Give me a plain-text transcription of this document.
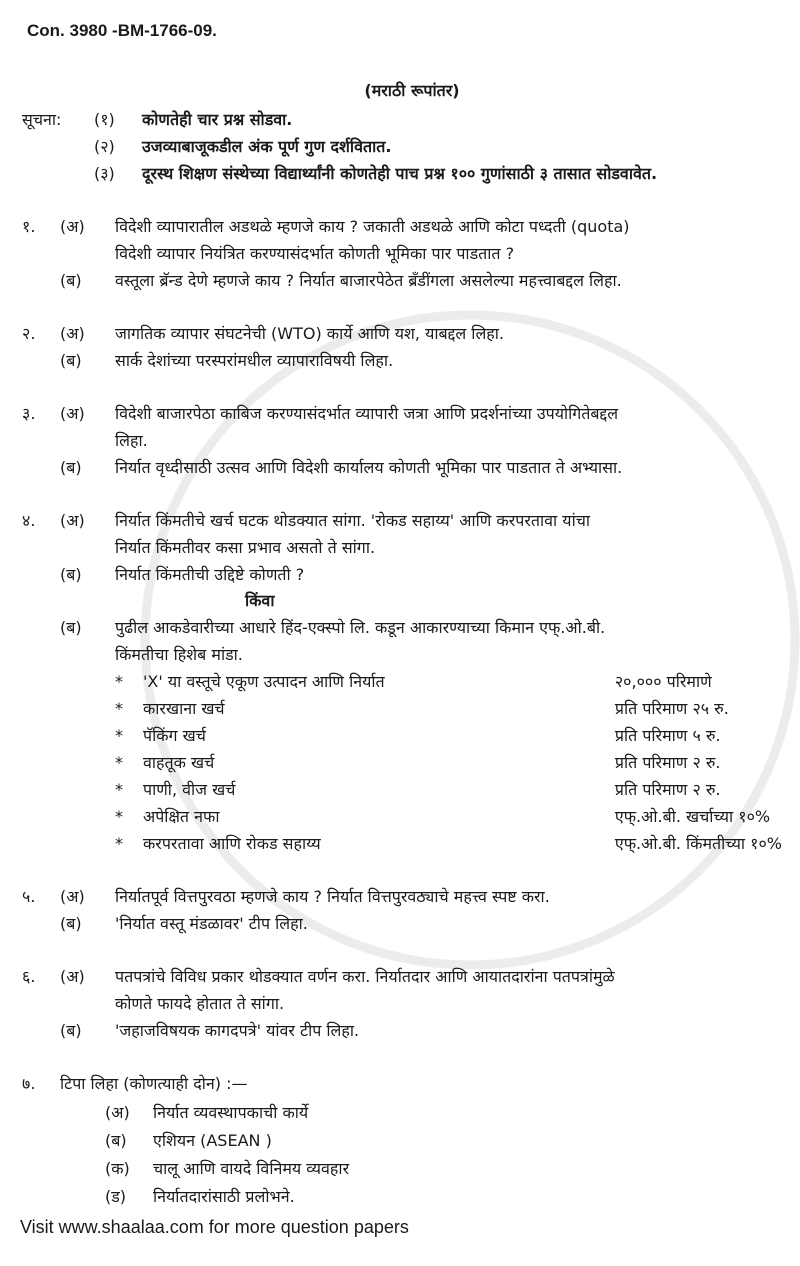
Con. 3980 -BM-1766-09.
(मराठी रूपांतर)
सूचना:	(१)	कोणतेही चार प्रश्न सोडवा.
(२)	उजव्याबाजूकडील अंक पूर्ण गुण दर्शवितात.
(३)	दूरस्थ शिक्षण संस्थेच्या विद्यार्थ्यांनी कोणतेही पाच प्रश्न १०० गुणांसाठी ३ तासात सोडवावेत.
१.	(अ)	विदेशी व्यापारातील अडथळे म्हणजे काय ? जकाती अडथळे आणि कोटा पध्दती (quota)
विदेशी व्यापार नियंत्रित करण्यासंदर्भात कोणती भूमिका पार पाडतात ?
(ब)	वस्तूला ब्रॅन्ड देणे म्हणजे काय ? निर्यात बाजारपेठेत ब्रॅंडींगला असलेल्या महत्त्वाबद्दल लिहा.
२.	(अ)	जागतिक व्यापार संघटनेची (WTO) कार्ये आणि यश, याबद्दल लिहा.
(ब)	सार्क देशांच्या परस्परांमधील व्यापाराविषयी लिहा.
३.	(अ)	विदेशी बाजारपेठा काबिज करण्यासंदर्भात व्यापारी जत्रा आणि प्रदर्शनांच्या उपयोगितेबद्दल
लिहा.
(ब)	निर्यात वृध्दीसाठी उत्सव आणि विदेशी कार्यालय कोणती भूमिका पार पाडतात ते अभ्यासा.
४.	(अ)	निर्यात किंमतीचे खर्च घटक थोडक्यात सांगा. 'रोकड सहाय्य' आणि करपरतावा यांचा
निर्यात किंमतीवर कसा प्रभाव असतो ते सांगा.
(ब)	निर्यात किंमतीची उद्दिष्टे कोणती ?
किंवा
(ब)	पुढील आकडेवारीच्या आधारे हिंद-एक्स्पो लि. कडून आकारण्याच्या किमान एफ्.ओ.बी.
किंमतीचा हिशेब मांडा.
*	'X' या वस्तूचे एकूण उत्पादन आणि निर्यात	२०,००० परिमाणे
*	कारखाना खर्च	प्रति परिमाण २५ रु.
*	पॅकिंग खर्च	प्रति परिमाण ५ रु.
*	वाहतूक खर्च	प्रति परिमाण २ रु.
*	पाणी, वीज खर्च	प्रति परिमाण २ रु.
*	अपेक्षित नफा	एफ्.ओ.बी. खर्चाच्या १०%
*	करपरतावा आणि रोकड सहाय्य	एफ्.ओ.बी. किंमतीच्या १०%
५.	(अ)	निर्यातपूर्व वित्तपुरवठा म्हणजे काय ? निर्यात वित्तपुरवठ्याचे महत्त्व स्पष्ट करा.
(ब)	'निर्यात वस्तू मंडळावर' टीप लिहा.
६.	(अ)	पतपत्रांचे विविध प्रकार थोडक्यात वर्णन करा. निर्यातदार आणि आयातदारांना पतपत्रांमुळे
कोणते फायदे होतात ते सांगा.
(ब)	'जहाजविषयक कागदपत्रे' यांवर टीप लिहा.
७.	टिपा लिहा (कोणत्याही दोन) :—
(अ)	निर्यात व्यवस्थापकाची कार्ये
(ब)	एशियन (ASEAN )
(क)	चालू आणि वायदे विनिमय व्यवहार
(ड)	निर्यातदारांसाठी प्रलोभने.
Visit www.shaalaa.com for more question papers
